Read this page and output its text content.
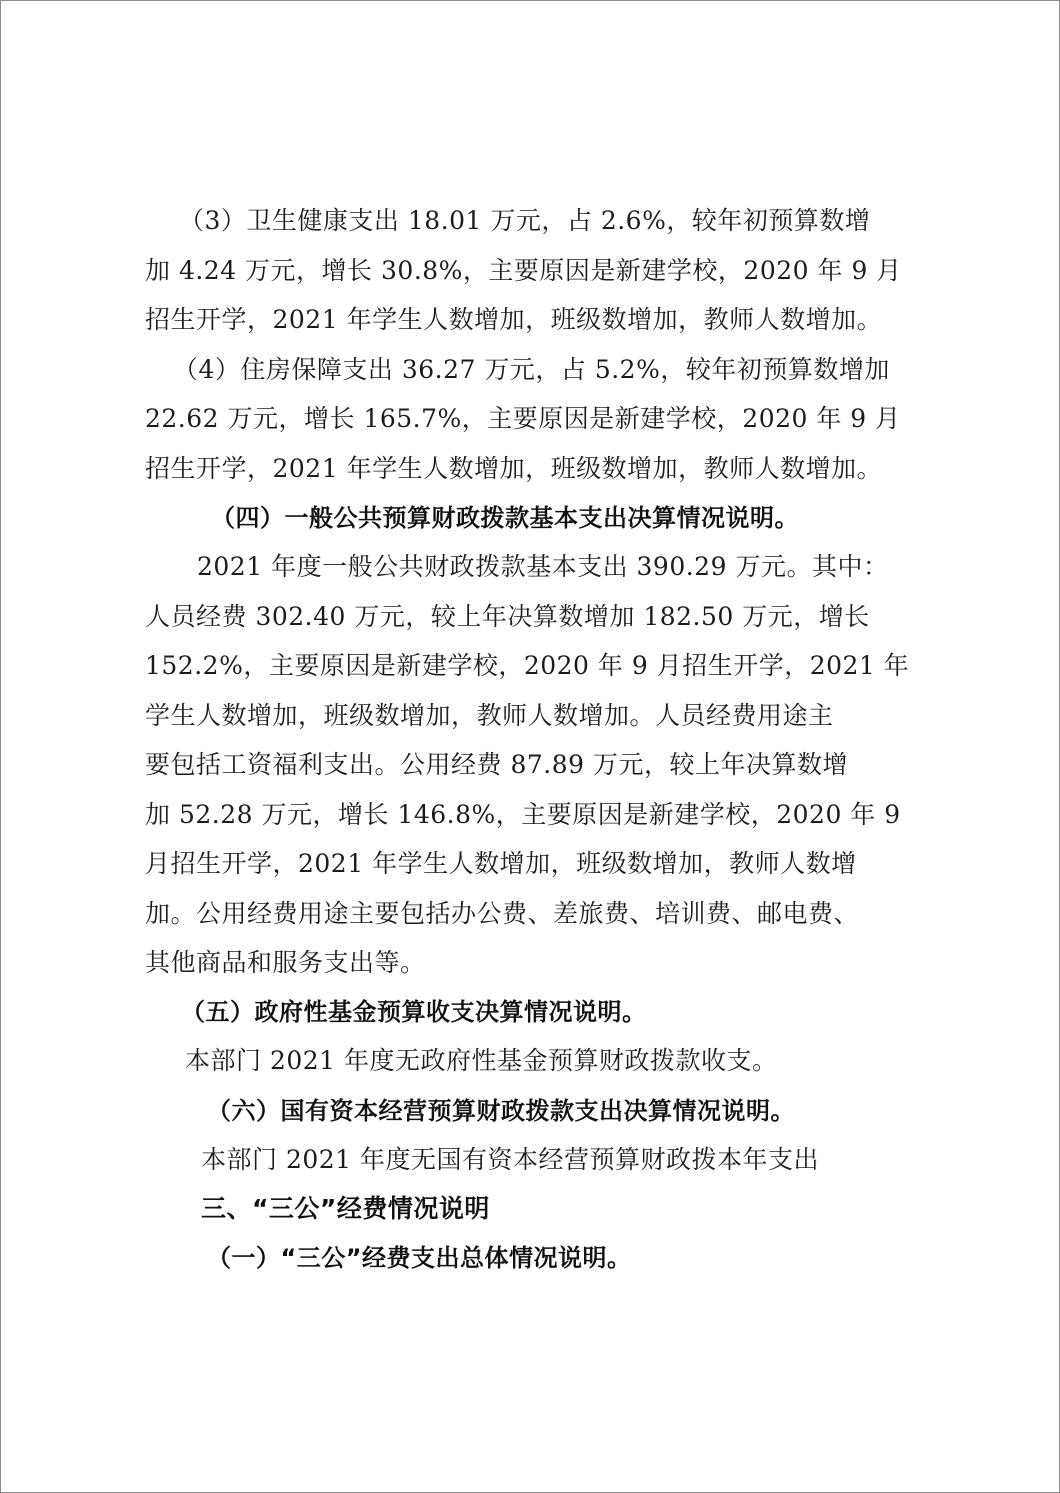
（3）卫生健康支出 18.01 万元，占 2.6%，较年初预算数增

加 4.24 万元，增长 30.8%，主要原因是新建学校，2020 年 9 月

招生开学，2021 年学生人数增加，班级数增加，教师人数增加。

（4）住房保障支出 36.27 万元，占 5.2%，较年初预算数增加

22.62 万元，增长 165.7%，主要原因是新建学校，2020 年 9 月

招生开学，2021 年学生人数增加，班级数增加，教师人数增加。

（四）一般公共预算财政拨款基本支出决算情况说明。

2021 年度一般公共财政拨款基本支出 390.29 万元。其中：

人员经费 302.40 万元，较上年决算数增加 182.50 万元，增长

152.2%，主要原因是新建学校，2020 年 9 月招生开学，2021 年

学生人数增加，班级数增加，教师人数增加。人员经费用途主

要包括工资福利支出。公用经费 87.89 万元，较上年决算数增

加 52.28 万元，增长 146.8%，主要原因是新建学校，2020 年 9

月招生开学，2021 年学生人数增加，班级数增加，教师人数增

加。公用经费用途主要包括办公费、差旅费、培训费、邮电费、

其他商品和服务支出等。

（五）政府性基金预算收支决算情况说明。

本部门 2021 年度无政府性基金预算财政拨款收支。

（六）国有资本经营预算财政拨款支出决算情况说明。

本部门 2021 年度无国有资本经营预算财政拨本年支出

三、“三公”经费情况说明

（一）“三公”经费支出总体情况说明。
